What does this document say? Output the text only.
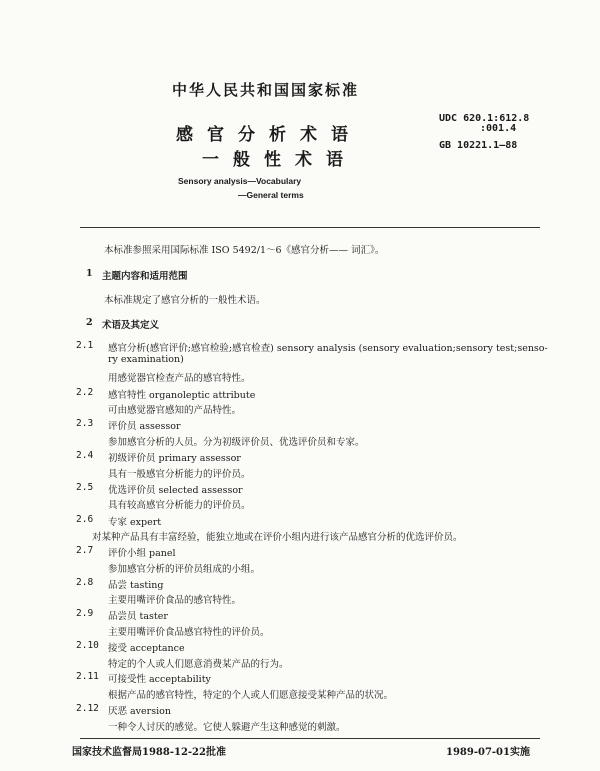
中华人民共和国国家标准
UDC 620.1:612.8
:001.4
GB 10221.1—88
感官分析术语
一般性术语
Sensory analysis—Vocabulary
—General terms
本标准参照采用国际标准 ISO 5492/1～6《感官分析—— 词汇》。
1 主题内容和适用范围
本标准规定了感官分析的一般性术语。
2 术语及其定义
2.1 感官分析(感官评价;感官检验;感官检查) sensory analysis (sensory evaluation;sensory test;senso-
ry examination)
用感觉器官检查产品的感官特性。
2.2 感官特性 organoleptic attribute
可由感觉器官感知的产品特性。
2.3 评价员 assessor
参加感官分析的人员。分为初级评价员、优选评价员和专家。
2.4 初级评价员 primary assessor
具有一般感官分析能力的评价员。
2.5 优选评价员 selected assessor
具有较高感官分析能力的评价员。
2.6 专家 expert
对某种产品具有丰富经验，能独立地或在评价小组内进行该产品感官分析的优选评价员。
2.7 评价小组 panel
参加感官分析的评价员组成的小组。
2.8 品尝 tasting
主要用嘴评价食品的感官特性。
2.9 品尝员 taster
主要用嘴评价食品感官特性的评价员。
2.10 接受 acceptance
特定的个人或人们愿意消费某产品的行为。
2.11 可接受性 acceptability
根据产品的感官特性，特定的个人或人们愿意接受某种产品的状况。
2.12 厌恶 aversion
一种令人讨厌的感觉。它使人躲避产生这种感觉的刺激。
国家技术监督局1988-12-22批准	1989-07-01实施
